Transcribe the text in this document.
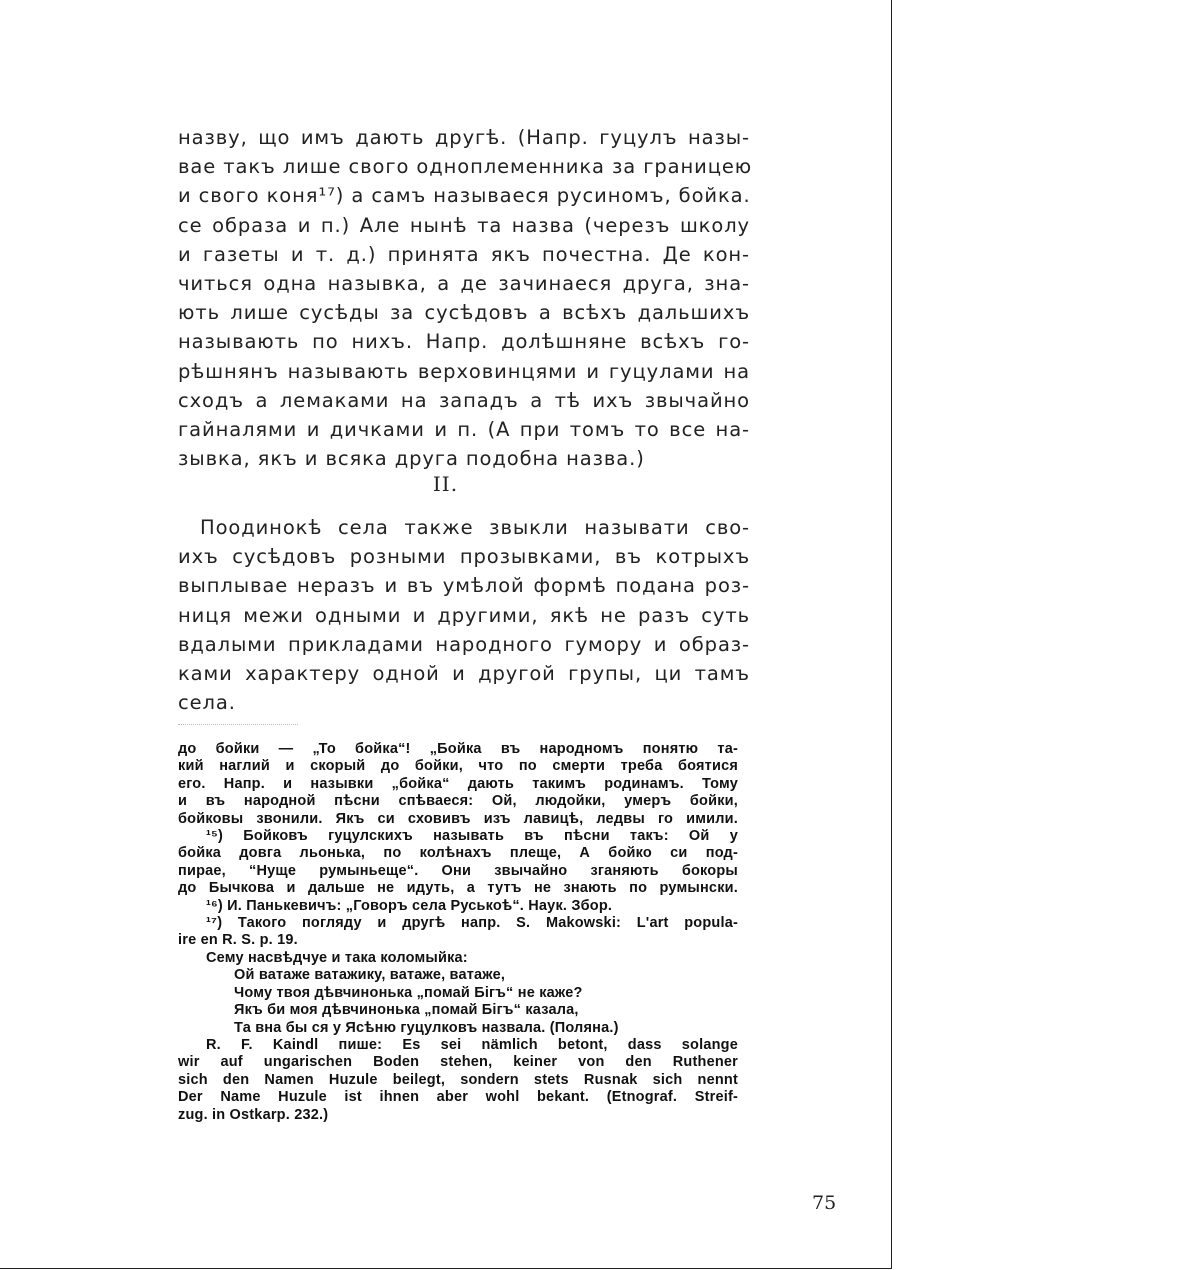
назву, що имъ дають другѣ. (Напр. гуцулъ назы-
вае такъ лише свого одноплеменника за границею
и свого коня¹⁷) а самъ называеся русиномъ, бойка.
се образа и п.) Але нынѣ та назва (черезъ школу
и газеты и т. д.) принята якъ почестна. Де кон-
читься одна назывка, а де зачинаеся друга, зна-
ють лише сусѣды за сусѣдовъ а всѣхъ дальшихъ
называють по нихъ. Напр. долѣшняне всѣхъ го-
рѣшнянъ называють верховинцями и гуцулами на
сходъ а лемаками на западъ а тѣ ихъ звычайно
гайналями и дичками и п. (А при томъ то все на-
зывка, якъ и всяка друга подобна назва.)
II.
Поодинокѣ села также звыкли называти сво-
ихъ сусѣдовъ розными прозывками, въ котрыхъ
выплывае неразъ и въ умѣлой формѣ подана роз-
ниця межи одными и другими, якѣ не разъ суть
вдалыми прикладами народного гумору и образ-
ками характеру одной и другой групы, ци тамъ
села.
до бойки — „То бойка“! „Бойка въ народномъ понятю та-
кий наглий и скорый до бойки, что по смерти треба боятися
его. Напр. и назывки „бойка“ дають такимъ родинамъ. Тому
и въ народной пѣсни спѣваеся: Ой, людойки, умеръ бойки,
бойковы звонили. Якъ си сховивъ изъ лавицѣ, ледвы го имили.
¹⁵) Бойковъ гуцулскихъ называть въ пѣсни такъ: Ой у
бойка довга льонька, по колѣнахъ плеще, А бойко си под-
пирае, “Нуще румыньеще“. Они звычайно зганяють бокоры
до Бычкова и дальше не идуть, а тутъ не знають по румынски.
¹⁶) И. Панькевичъ: „Говоръ села Руськоѣ“. Наук. Збор.
¹⁷) Такого погляду и другѣ напр. S. Makowski: L'art popula-
ire en R. S. p. 19.
Сему насвѣдчуе и така коломыйка:
Ой ватаже ватажику, ватаже, ватаже,
Чому твоя дѣвчинонька „помай Бігъ“ не каже?
Якъ би моя дѣвчинонька „помай Бігъ“ казала,
Та вна бы ся у Ясѣню гуцулковъ назвала. (Поляна.)
R. F. Kaindl пише: Es sei nämlich betont, dass solange
wir auf ungarischen Boden stehen, keiner von den Ruthener
sich den Namen Huzule beilegt, sondern stets Rusnak sich nennt
Der Name Huzule ist ihnen aber wohl bekant. (Etnograf. Streif-
zug. in Ostkarp. 232.)
75
